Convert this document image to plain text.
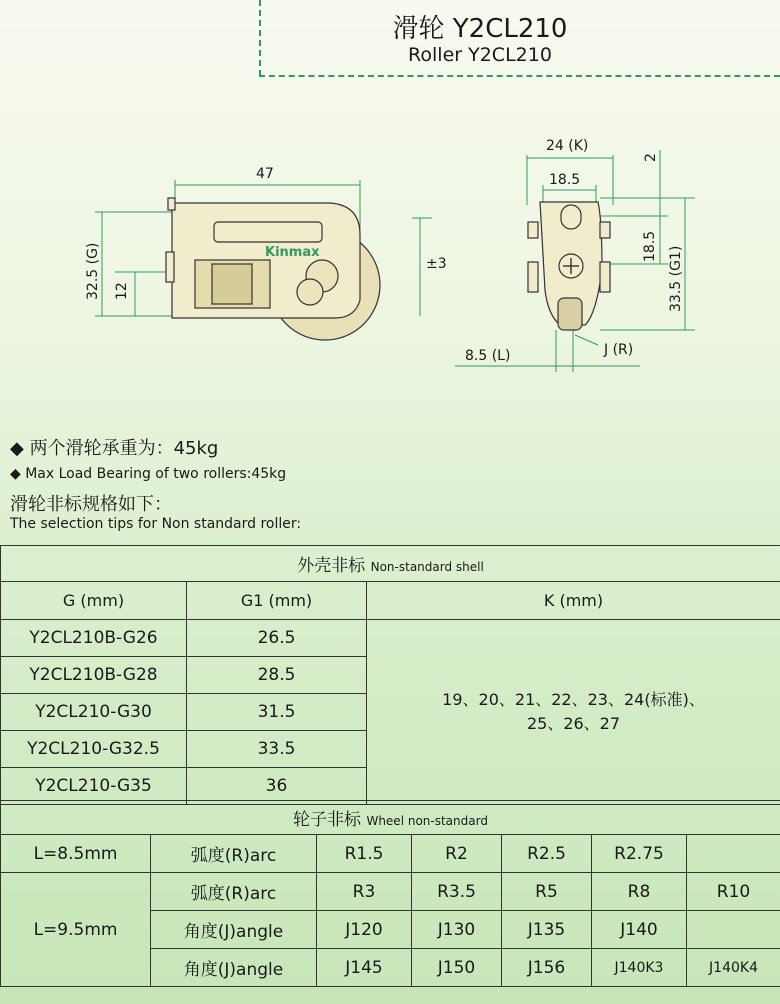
滑轮 Y2CL210
Roller Y2CL210
Kinmax
47
12
32.5 (G)	±3
24 (K)
18.5
2
18.5 33.5 (G1)
8.5 (L)	J (R)
◆ 两个滑轮承重为：45kg
◆ Max Load Bearing of two rollers:45kg
滑轮非标规格如下：
The selection tips for Non standard roller:
外壳非标 Non-standard shell		
G (mm)	G1 (mm)	K (mm)
Y2CL210B-G26	26.5	19、20、21、22、23、24(标准)、
25、26、27

Y2CL210B-G28	28.5	
Y2CL210-G30	31.5	
Y2CL210-G32.5	33.5	
Y2CL210-G35	36	
轮子非标 Wheel non-standard						
L=8.5mm	弧度(R)arc	R1.5	R2	R2.5	R2.75	
L=9.5mm	弧度(R)arc	R3	R3.5	R5	R8	R10
	角度(J)angle	J120	J130	J135	J140	
	角度(J)angle	J145	J150	J156	J140K3	J140K4
